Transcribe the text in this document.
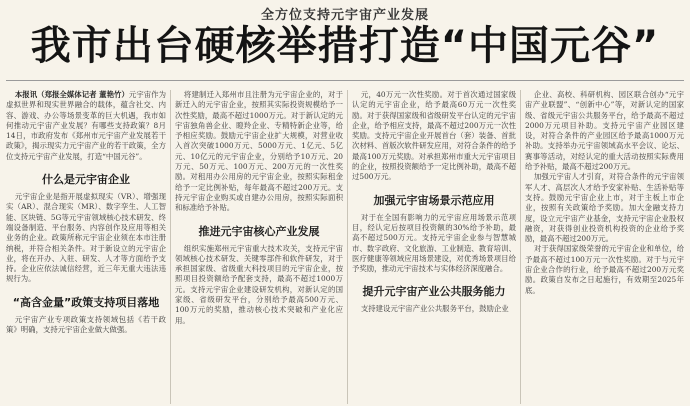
全方位支持元宇宙产业发展
我市出台硬核举措打造“中国元谷”

本报讯（郑报全媒体记者 董艳竹）元宇宙作为虚拟世界和现实世界融合的载体，蕴含社交、内容、游戏、办公等场景变革的巨大机遇，我市如何推动元宇宙产业发展？有哪些支持政策？8月14日，市政府发布《郑州市元宇宙产业发展若干政策》，揭示现实力元宇宙产业的若干政策，全方位支持元宇宙产业发展，打造“中国元谷”。

什么是元宇宙企业

元宇宙企业是指开展虚拟现实（VR）、增强现实（AR）、混合现实（MR）、数字孪生、人工智能、区块链、5G等元宇宙领域核心技术研发、终端设备制造、平台服务、内容创作及应用等相关业务的企业。政策所称元宇宙企业须在本市注册纳税，并符合相关条件。对于新设立的元宇宙企业，将在开办、入驻、研发、人才等方面给予支持。企业应依法诚信经营，近三年无重大违法违规行为。

“高含金量”政策支持项目落地

元宇宙产业专项政策支持领域包括《若干政策》明确，支持元宇宙企业做大做强。

将建制迁入郑州市且注册为元宇宙企业的，对于新迁入的元宇宙企业，按照其实际投资规模给予一次性奖励，最高不超过1000万元。对于新认定的元宇宙独角兽企业、瞪羚企业、专精特新企业等，给予相应奖励。鼓励元宇宙企业扩大规模，对营业收入首次突破1000万元、5000万元、1亿元、5亿元、10亿元的元宇宙企业，分别给予10万元、20万元、50万元、100万元、200万元的一次性奖励。对租用办公用房的元宇宙企业，按照实际租金给予一定比例补贴，每年最高不超过200万元。支持元宇宙企业购买或自建办公用房，按照实际面积和标准给予补贴。

推进元宇宙核心产业发展

组织实施郑州元宇宙重大技术攻关，支持元宇宙领域核心技术研发、关键零部件和软件研发，对于承担国家级、省级重大科技项目的元宇宙企业，按照项目投资额给予配套支持，最高不超过1000万元。支持元宇宙企业建设研发机构，对新认定的国家级、省级研发平台，分别给予最高500万元、100万元的奖励，推动核心技术突破和产业化应用。

元，40万元一次性奖励。对于首次通过国家级认定的元宇宙企业，给予最高60万元一次性奖励。对于获得国家级和省级研发平台认定的元宇宙企业，给予相应支持，最高不超过200万元一次性奖励。支持元宇宙企业开展首台（套）装备、首批次材料、首版次软件研发应用，对符合条件的给予最高100万元奖励。对承担郑州市重大元宇宙项目的企业，按照投资额给予一定比例补助，最高不超过500万元。

加强元宇宙场景示范应用

对于在全国有影响力的元宇宙应用场景示范项目，经认定后按项目投资额的30%给予补助，最高不超过500万元。支持元宇宙企业参与智慧城市、数字政府、文化旅游、工业制造、教育培训、医疗健康等领域应用场景建设，对优秀场景项目给予奖励，推动元宇宙技术与实体经济深度融合。

提升元宇宙产业公共服务能力

支持建设元宇宙产业公共服务平台，鼓励企业

企业、高校、科研机构、园区联合创办“元宇宙产业联盟”、“创新中心”等，对新认定的国家级、省级元宇宙公共服务平台，给予最高不超过2000万元项目补助。支持元宇宙产业园区建设，对符合条件的产业园区给予最高1000万元补助。支持举办元宇宙领域高水平会议、论坛、赛事等活动，对经认定的重大活动按照实际费用给予补贴，最高不超过200万元。

加强元宇宙人才引育，对符合条件的元宇宙领军人才、高层次人才给予安家补贴、生活补贴等支持。鼓励元宇宙企业上市，对于主板上市企业，按照有关政策给予奖励。加大金融支持力度，设立元宇宙产业基金，支持元宇宙企业股权融资，对获得创业投资机构投资的企业给予奖励，最高不超过200万元。

对于获得国家级荣誉的元宇宙企业和单位，给予最高不超过100万元一次性奖励。对于与元宇宙企业合作的行业，给予最高不超过200万元奖励。政策自发布之日起施行，有效期至2025年底。
